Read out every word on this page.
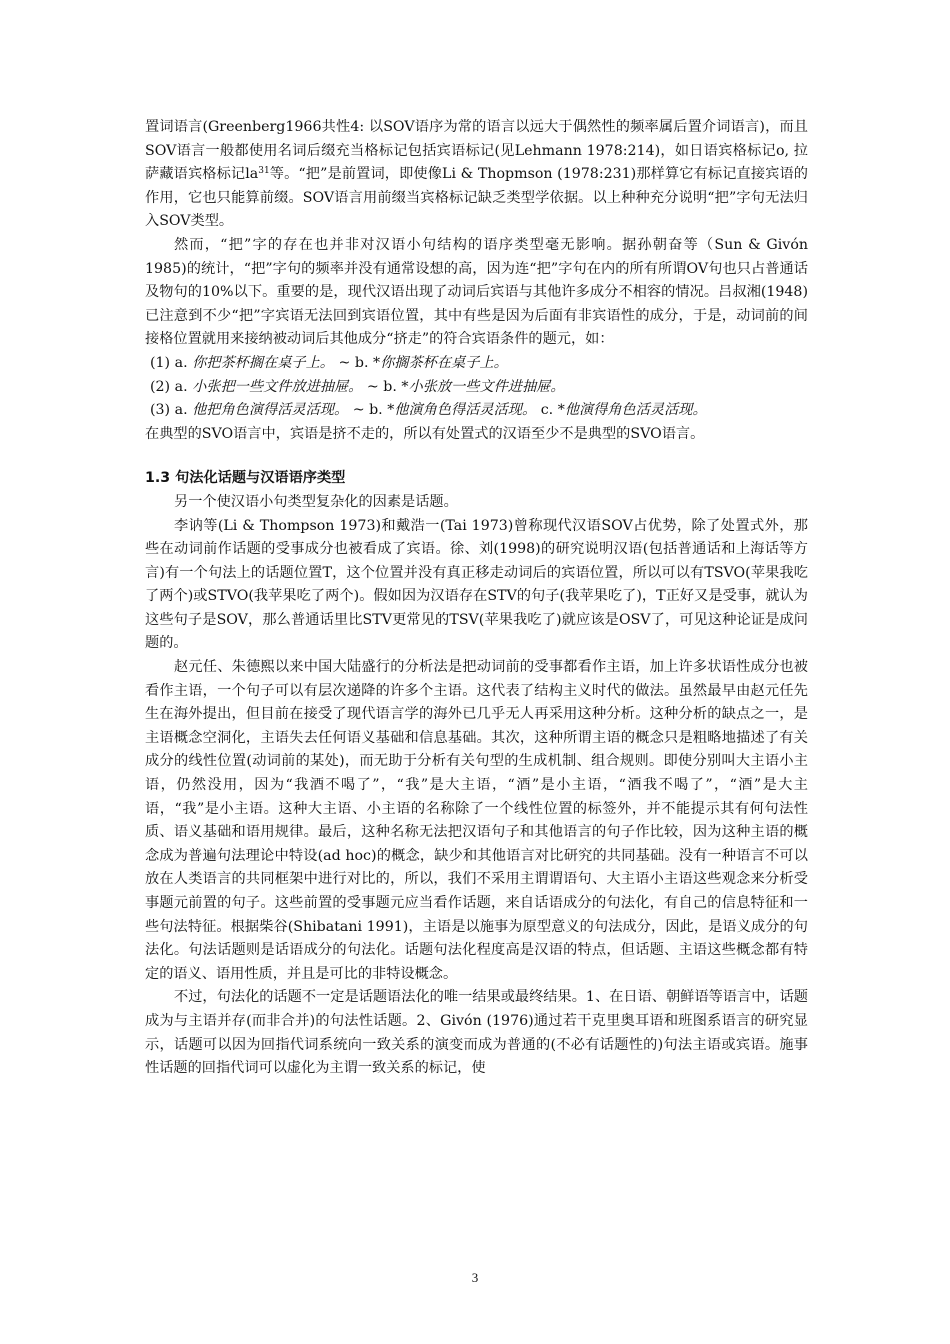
置词语言(Greenberg1966共性4: 以SOV语序为常的语言以远大于偶然性的频率属后置介词语言)，而且SOV语言一般都使用名词后缀充当格标记包括宾语标记(见Lehmann 1978:214)，如日语宾格标记o, 拉萨藏语宾格标记$la^{31}$等。“把”是前置词，即使像Li & Thopmson (1978:231)那样算它有标记直接宾语的作用，它也只能算前缀。SOV语言用前缀当宾格标记缺乏类型学依据。以上种种充分说明“把”字句无法归入SOV类型。

然而，“把”字的存在也并非对汉语小句结构的语序类型毫无影响。据孙朝奋等（Sun & Givón 1985)的统计，“把”字句的频率并没有通常设想的高，因为连“把”字句在内的所有所谓OV句也只占普通话及物句的10%以下。重要的是，现代汉语出现了动词后宾语与其他许多成分不相容的情况。吕叔湘(1948)已注意到不少“把”字宾语无法回到宾语位置，其中有些是因为后面有非宾语性的成分，于是，动词前的间接格位置就用来接纳被动词后其他成分“挤走”的符合宾语条件的题元，如：

(1) a. 你把茶杯搁在桌子上。 ~ b. *你搁茶杯在桌子上。

(2) a. 小张把一些文件放进抽屉。 ~ b. *小张放一些文件进抽屉。

(3) a. 他把角色演得活灵活现。 ~ b. *他演角色得活灵活现。 c. *他演得角色活灵活现。

在典型的SVO语言中，宾语是挤不走的，所以有处置式的汉语至少不是典型的SVO语言。

1.3 句法化话题与汉语语序类型

另一个使汉语小句类型复杂化的因素是话题。

李讷等(Li & Thompson 1973)和戴浩一(Tai 1973)曾称现代汉语SOV占优势，除了处置式外，那些在动词前作话题的受事成分也被看成了宾语。徐、刘(1998)的研究说明汉语(包括普通话和上海话等方言)有一个句法上的话题位置T，这个位置并没有真正移走动词后的宾语位置，所以可以有TSVO(苹果我吃了两个)或STVO(我苹果吃了两个)。假如因为汉语存在STV的句子(我苹果吃了)，T正好又是受事，就认为这些句子是SOV，那么普通话里比STV更常见的TSV(苹果我吃了)就应该是OSV了，可见这种论证是成问题的。

赵元任、朱德熙以来中国大陆盛行的分析法是把动词前的受事都看作主语，加上许多状语性成分也被看作主语，一个句子可以有层次递降的许多个主语。这代表了结构主义时代的做法。虽然最早由赵元任先生在海外提出，但目前在接受了现代语言学的海外已几乎无人再采用这种分析。这种分析的缺点之一，是主语概念空洞化，主语失去任何语义基础和信息基础。其次，这种所谓主语的概念只是粗略地描述了有关成分的线性位置(动词前的某处)，而无助于分析有关句型的生成机制、组合规则。即使分别叫大主语小主语，仍然没用，因为“我酒不喝了”，“我”是大主语，“酒”是小主语，“酒我不喝了”，“酒”是大主语，“我”是小主语。这种大主语、小主语的名称除了一个线性位置的标签外，并不能提示其有何句法性质、语义基础和语用规律。最后，这种名称无法把汉语句子和其他语言的句子作比较，因为这种主语的概念成为普遍句法理论中特设(ad hoc)的概念，缺少和其他语言对比研究的共同基础。没有一种语言不可以放在人类语言的共同框架中进行对比的，所以，我们不采用主谓谓语句、大主语小主语这些观念来分析受事题元前置的句子。这些前置的受事题元应当看作话题，来自话语成分的句法化，有自己的信息特征和一些句法特征。根据柴谷(Shibatani 1991)，主语是以施事为原型意义的句法成分，因此，是语义成分的句法化。句法话题则是话语成分的句法化。话题句法化程度高是汉语的特点，但话题、主语这些概念都有特定的语义、语用性质，并且是可比的非特设概念。

不过，句法化的话题不一定是话题语法化的唯一结果或最终结果。1、在日语、朝鲜语等语言中，话题成为与主语并存(而非合并)的句法性话题。2、Givón (1976)通过若干克里奥耳语和班图系语言的研究显示，话题可以因为回指代词系统向一致关系的演变而成为普通的(不必有话题性的)句法主语或宾语。施事性话题的回指代词可以虚化为主谓一致关系的标记，使

3
